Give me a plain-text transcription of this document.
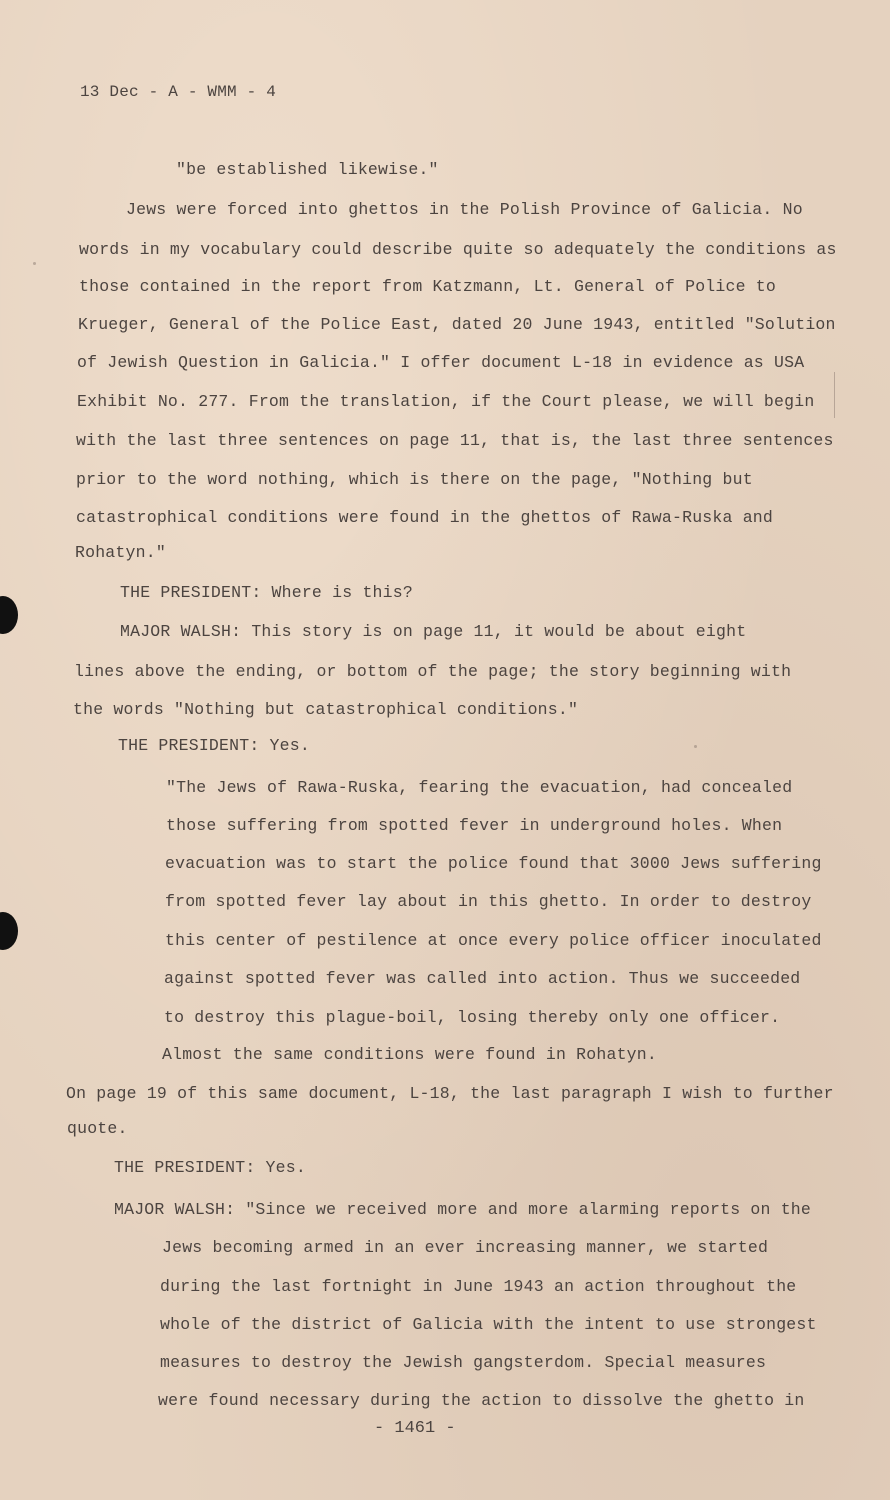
13 Dec - A - WMM - 4
"be established likewise."
Jews were forced into ghettos in the Polish Province of Galicia. No
words in my vocabulary could describe quite so adequately the conditions as
those contained in the report from Katzmann, Lt. General of Police to
Krueger, General of the Police East, dated 20 June 1943, entitled "Solution
of Jewish Question in Galicia." I offer document L-18 in evidence as USA
Exhibit No. 277. From the translation, if the Court please, we will begin
with the last three sentences on page 11, that is, the last three sentences
prior to the word nothing, which is there on the page, "Nothing but
catastrophical conditions were found in the ghettos of Rawa-Ruska and
Rohatyn."
THE PRESIDENT: Where is this?
MAJOR WALSH: This story is on page 11, it would be about eight
lines above the ending, or bottom of the page; the story beginning with
the words "Nothing but catastrophical conditions."
THE PRESIDENT: Yes.
"The Jews of Rawa-Ruska, fearing the evacuation, had concealed
those suffering from spotted fever in underground holes. When
evacuation was to start the police found that 3000 Jews suffering
from spotted fever lay about in this ghetto. In order to destroy
this center of pestilence at once every police officer inoculated
against spotted fever was called into action. Thus we succeeded
to destroy this plague-boil, losing thereby only one officer.
Almost the same conditions were found in Rohatyn.
On page 19 of this same document, L-18, the last paragraph I wish to further
quote.
THE PRESIDENT: Yes.
MAJOR WALSH: "Since we received more and more alarming reports on the
Jews becoming armed in an ever increasing manner, we started
during the last fortnight in June 1943 an action throughout the
whole of the district of Galicia with the intent to use strongest
measures to destroy the Jewish gangsterdom. Special measures
were found necessary during the action to dissolve the ghetto in
- 1461 -
